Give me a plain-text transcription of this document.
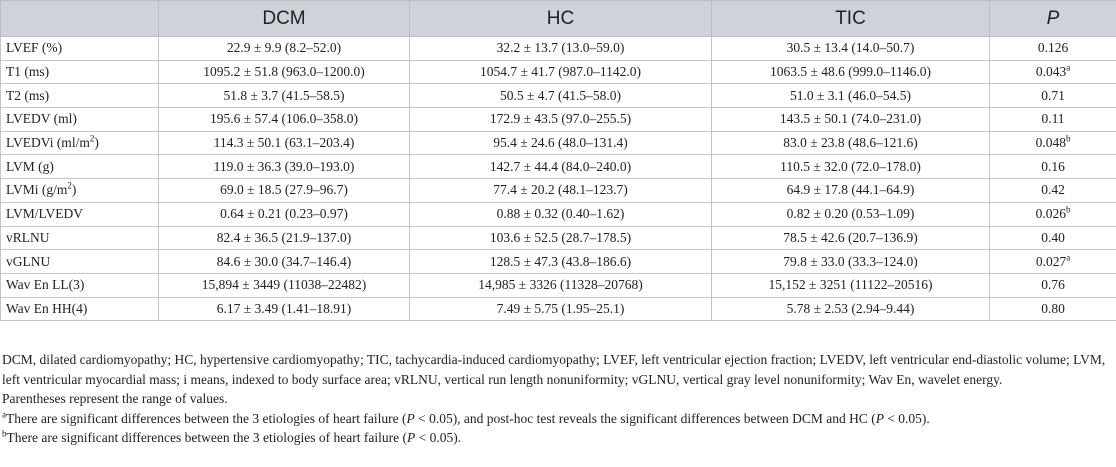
	DCM	HC	TIC	P
LVEF (%)	22.9 ± 9.9 (8.2–52.0)	32.2 ± 13.7 (13.0–59.0)	30.5 ± 13.4 (14.0–50.7)	0.126
T1 (ms)	1095.2 ± 51.8 (963.0–1200.0)	1054.7 ± 41.7 (987.0–1142.0)	1063.5 ± 48.6 (999.0–1146.0)	0.043$^a$
T2 (ms)	51.8 ± 3.7 (41.5–58.5)	50.5 ± 4.7 (41.5–58.0)	51.0 ± 3.1 (46.0–54.5)	0.71
LVEDV (ml)	195.6 ± 57.4 (106.0–358.0)	172.9 ± 43.5 (97.0–255.5)	143.5 ± 50.1 (74.0–231.0)	0.11
LVEDVi $(ml/m^2)$	114.3 ± 50.1 (63.1–203.4)	95.4 ± 24.6 (48.0–131.4)	83.0 ± 23.8 (48.6–121.6)	0.048$^b$
LVM (g)	119.0 ± 36.3 (39.0–193.0)	142.7 ± 44.4 (84.0–240.0)	110.5 ± 32.0 (72.0–178.0)	0.16
LVMi $(g/m^2)$	69.0 ± 18.5 (27.9–96.7)	77.4 ± 20.2 (48.1–123.7)	64.9 ± 17.8 (44.1–64.9)	0.42
LVM/LVEDV	0.64 ± 0.21 (0.23–0.97)	0.88 ± 0.32 (0.40–1.62)	0.82 ± 0.20 (0.53–1.09)	0.026$^b$
vRLNU	82.4 ± 36.5 (21.9–137.0)	103.6 ± 52.5 (28.7–178.5)	78.5 ± 42.6 (20.7–136.9)	0.40
vGLNU	84.6 ± 30.0 (34.7–146.4)	128.5 ± 47.3 (43.8–186.6)	79.8 ± 33.0 (33.3–124.0)	0.027$^a$
Wav En LL(3)	15,894 ± 3449 (11038–22482)	14,985 ± 3326 (11328–20768)	15,152 ± 3251 (11122–20516)	0.76
Wav En HH(4)	6.17 ± 3.49 (1.41–18.91)	7.49 ± 5.75 (1.95–25.1)	5.78 ± 2.53 (2.94–9.44)	0.80

DCM, dilated cardiomyopathy; HC, hypertensive cardiomyopathy; TIC, tachycardia-induced cardiomyopathy; LVEF, left ventricular ejection fraction; LVEDV, left ventricular end-diastolic volume; LVM, left ventricular myocardial mass; i means, indexed to body surface area; vRLNU, vertical run length nonuniformity; vGLNU, vertical gray level nonuniformity; Wav En, wavelet energy.

Parentheses represent the range of values.

$^a$There are significant differences between the 3 etiologies of heart failure (P < 0.05), and post-hoc test reveals the significant differences between DCM and HC (P < 0.05).

$^b$There are significant differences between the 3 etiologies of heart failure (P < 0.05).
